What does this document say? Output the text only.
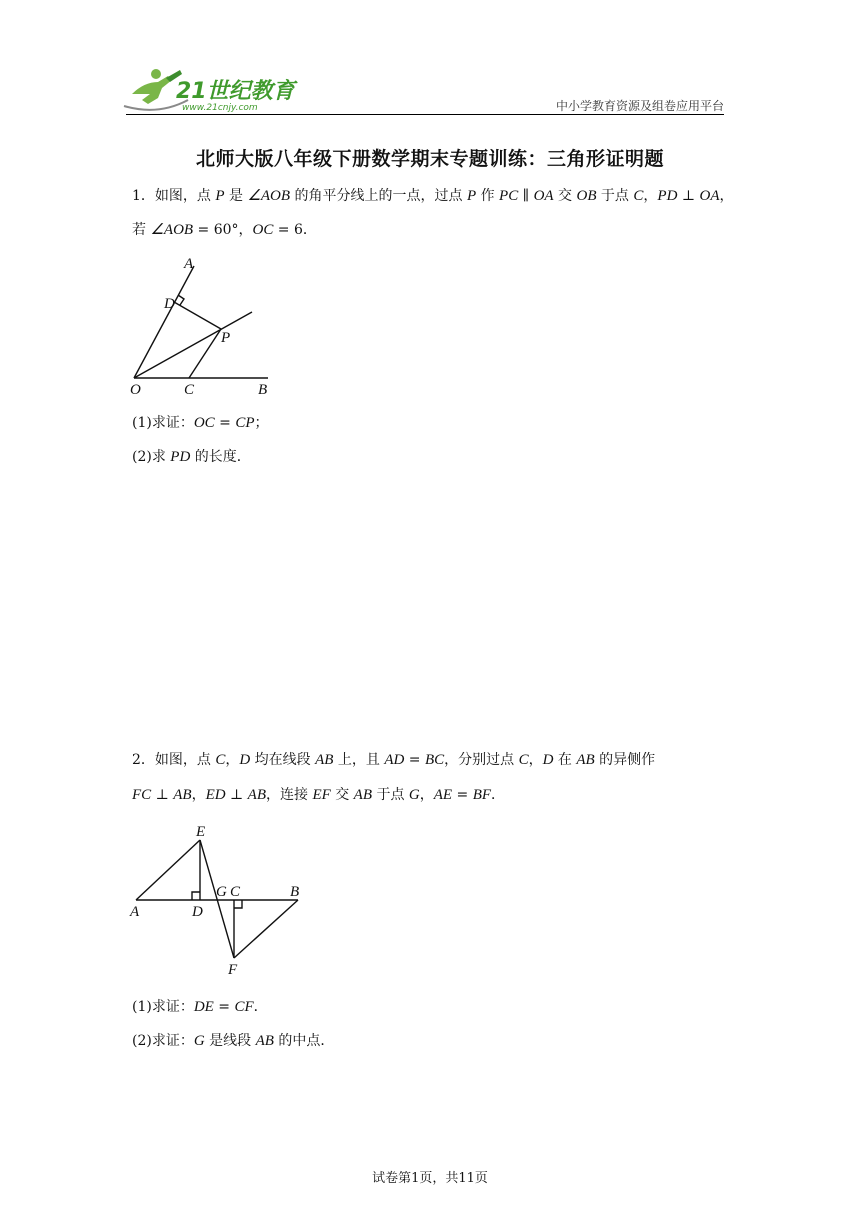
21世纪教育
www.21cnjy.com	中小学教育资源及组卷应用平台
北师大版八年级下册数学期末专题训练：三角形证明题
1．如图，点 P 是 ∠AOB 的角平分线上的一点，过点 P 作 PC ∥ OA 交 OB 于点 C，PD ⊥ OA，
若 ∠AOB = 60°，OC = 6．
A
D
P
O	C	B
(1)求证：OC = CP；
(2)求 PD 的长度．
2．如图，点 C，D 均在线段 AB 上，且 AD = BC，分别过点 C，D 在 AB 的异侧作
FC ⊥ AB，ED ⊥ AB，连接 EF 交 AB 于点 G，AE = BF．
E
G C	B
A	D
F
(1)求证：DE = CF．
(2)求证：G 是线段 AB 的中点．
试卷第1页，共11页
